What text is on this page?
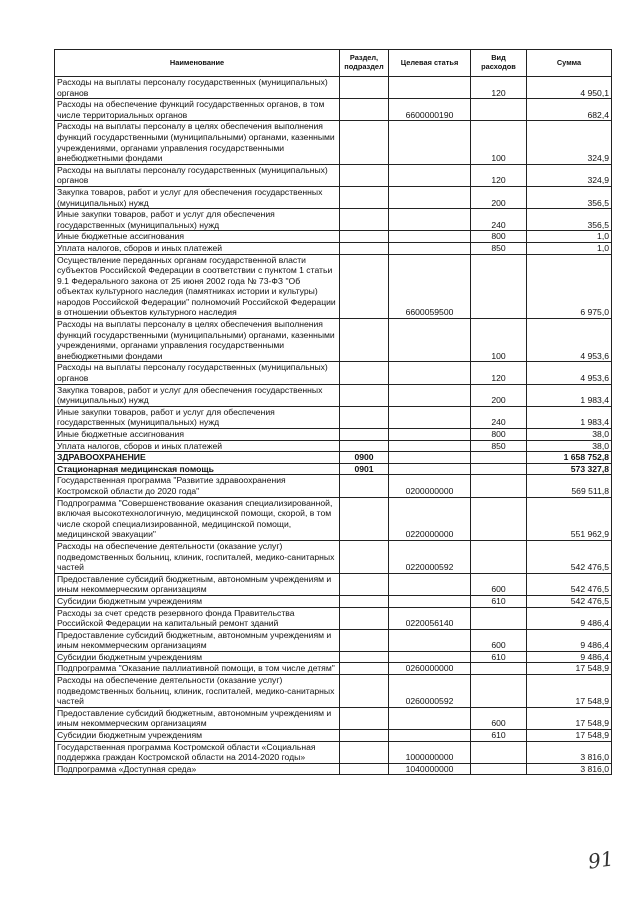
Наименование	Раздел, подраздел	Целевая статья	Вид расходов	Сумма
Расходы на выплаты персоналу государственных (муниципальных) органов			120	4 950,1
Расходы на обеспечение функций государственных органов, в том числе территориальных органов		6600000190		682,4
Расходы на выплаты персоналу в целях обеспечения выполнения функций государственными (муниципальными) органами, казенными учреждениями, органами управления государственными внебюджетными фондами			100	324,9
Расходы на выплаты персоналу государственных (муниципальных) органов			120	324,9
Закупка товаров, работ и услуг для обеспечения государственных (муниципальных) нужд			200	356,5
Иные закупки товаров, работ и услуг для обеспечения государственных (муниципальных) нужд			240	356,5
Иные бюджетные ассигнования			800	1,0
Уплата налогов, сборов и иных платежей			850	1,0
Осуществление переданных органам государственной власти субъектов Российской Федерации в соответствии с пунктом 1 статьи 9.1 Федерального закона от 25 июня 2002 года № 73-ФЗ "Об объектах культурного наследия (памятниках истории и культуры) народов Российской Федерации" полномочий Российской Федерации в отношении объектов культурного наследия		6600059500		6 975,0
Расходы на выплаты персоналу в целях обеспечения выполнения функций государственными (муниципальными) органами, казенными учреждениями, органами управления государственными внебюджетными фондами			100	4 953,6
Расходы на выплаты персоналу государственных (муниципальных) органов			120	4 953,6
Закупка товаров, работ и услуг для обеспечения государственных (муниципальных) нужд			200	1 983,4
Иные закупки товаров, работ и услуг для обеспечения государственных (муниципальных) нужд			240	1 983,4
Иные бюджетные ассигнования			800	38,0
Уплата налогов, сборов и иных платежей			850	38,0
ЗДРАВООХРАНЕНИЕ	0900			1 658 752,8
Стационарная медицинская помощь	0901			573 327,8
Государственная программа "Развитие здравоохранения Костромской области до 2020 года"		0200000000		569 511,8
Подпрограмма "Совершенствование оказания специализированной, включая высокотехнологичную, медицинской помощи, скорой, в том числе скорой специализированной, медицинской помощи, медицинской эвакуации"		0220000000		551 962,9
Расходы на обеспечение деятельности (оказание услуг) подведомственных больниц, клиник, госпиталей, медико-санитарных частей		0220000592		542 476,5
Предоставление субсидий бюджетным, автономным учреждениям и иным некоммерческим организациям			600	542 476,5
Субсидии бюджетным учреждениям			610	542 476,5
Расходы за счет средств резервного фонда Правительства Российской Федерации на капитальный ремонт зданий		0220056140		9 486,4
Предоставление субсидий бюджетным, автономным учреждениям и иным некоммерческим организациям			600	9 486,4
Субсидии бюджетным учреждениям			610	9 486,4
Подпрограмма "Оказание паллиативной помощи, в том числе детям"		0260000000		17 548,9
Расходы на обеспечение деятельности (оказание услуг) подведомственных больниц, клиник, госпиталей, медико-санитарных частей		0260000592		17 548,9
Предоставление субсидий бюджетным, автономным учреждениям и иным некоммерческим организациям			600	17 548,9
Субсидии бюджетным учреждениям			610	17 548,9
Государственная программа Костромской области «Социальная поддержка граждан Костромской области на 2014-2020 годы»		1000000000		3 816,0
Подпрограмма «Доступная среда»		1040000000		3 816,0
91
